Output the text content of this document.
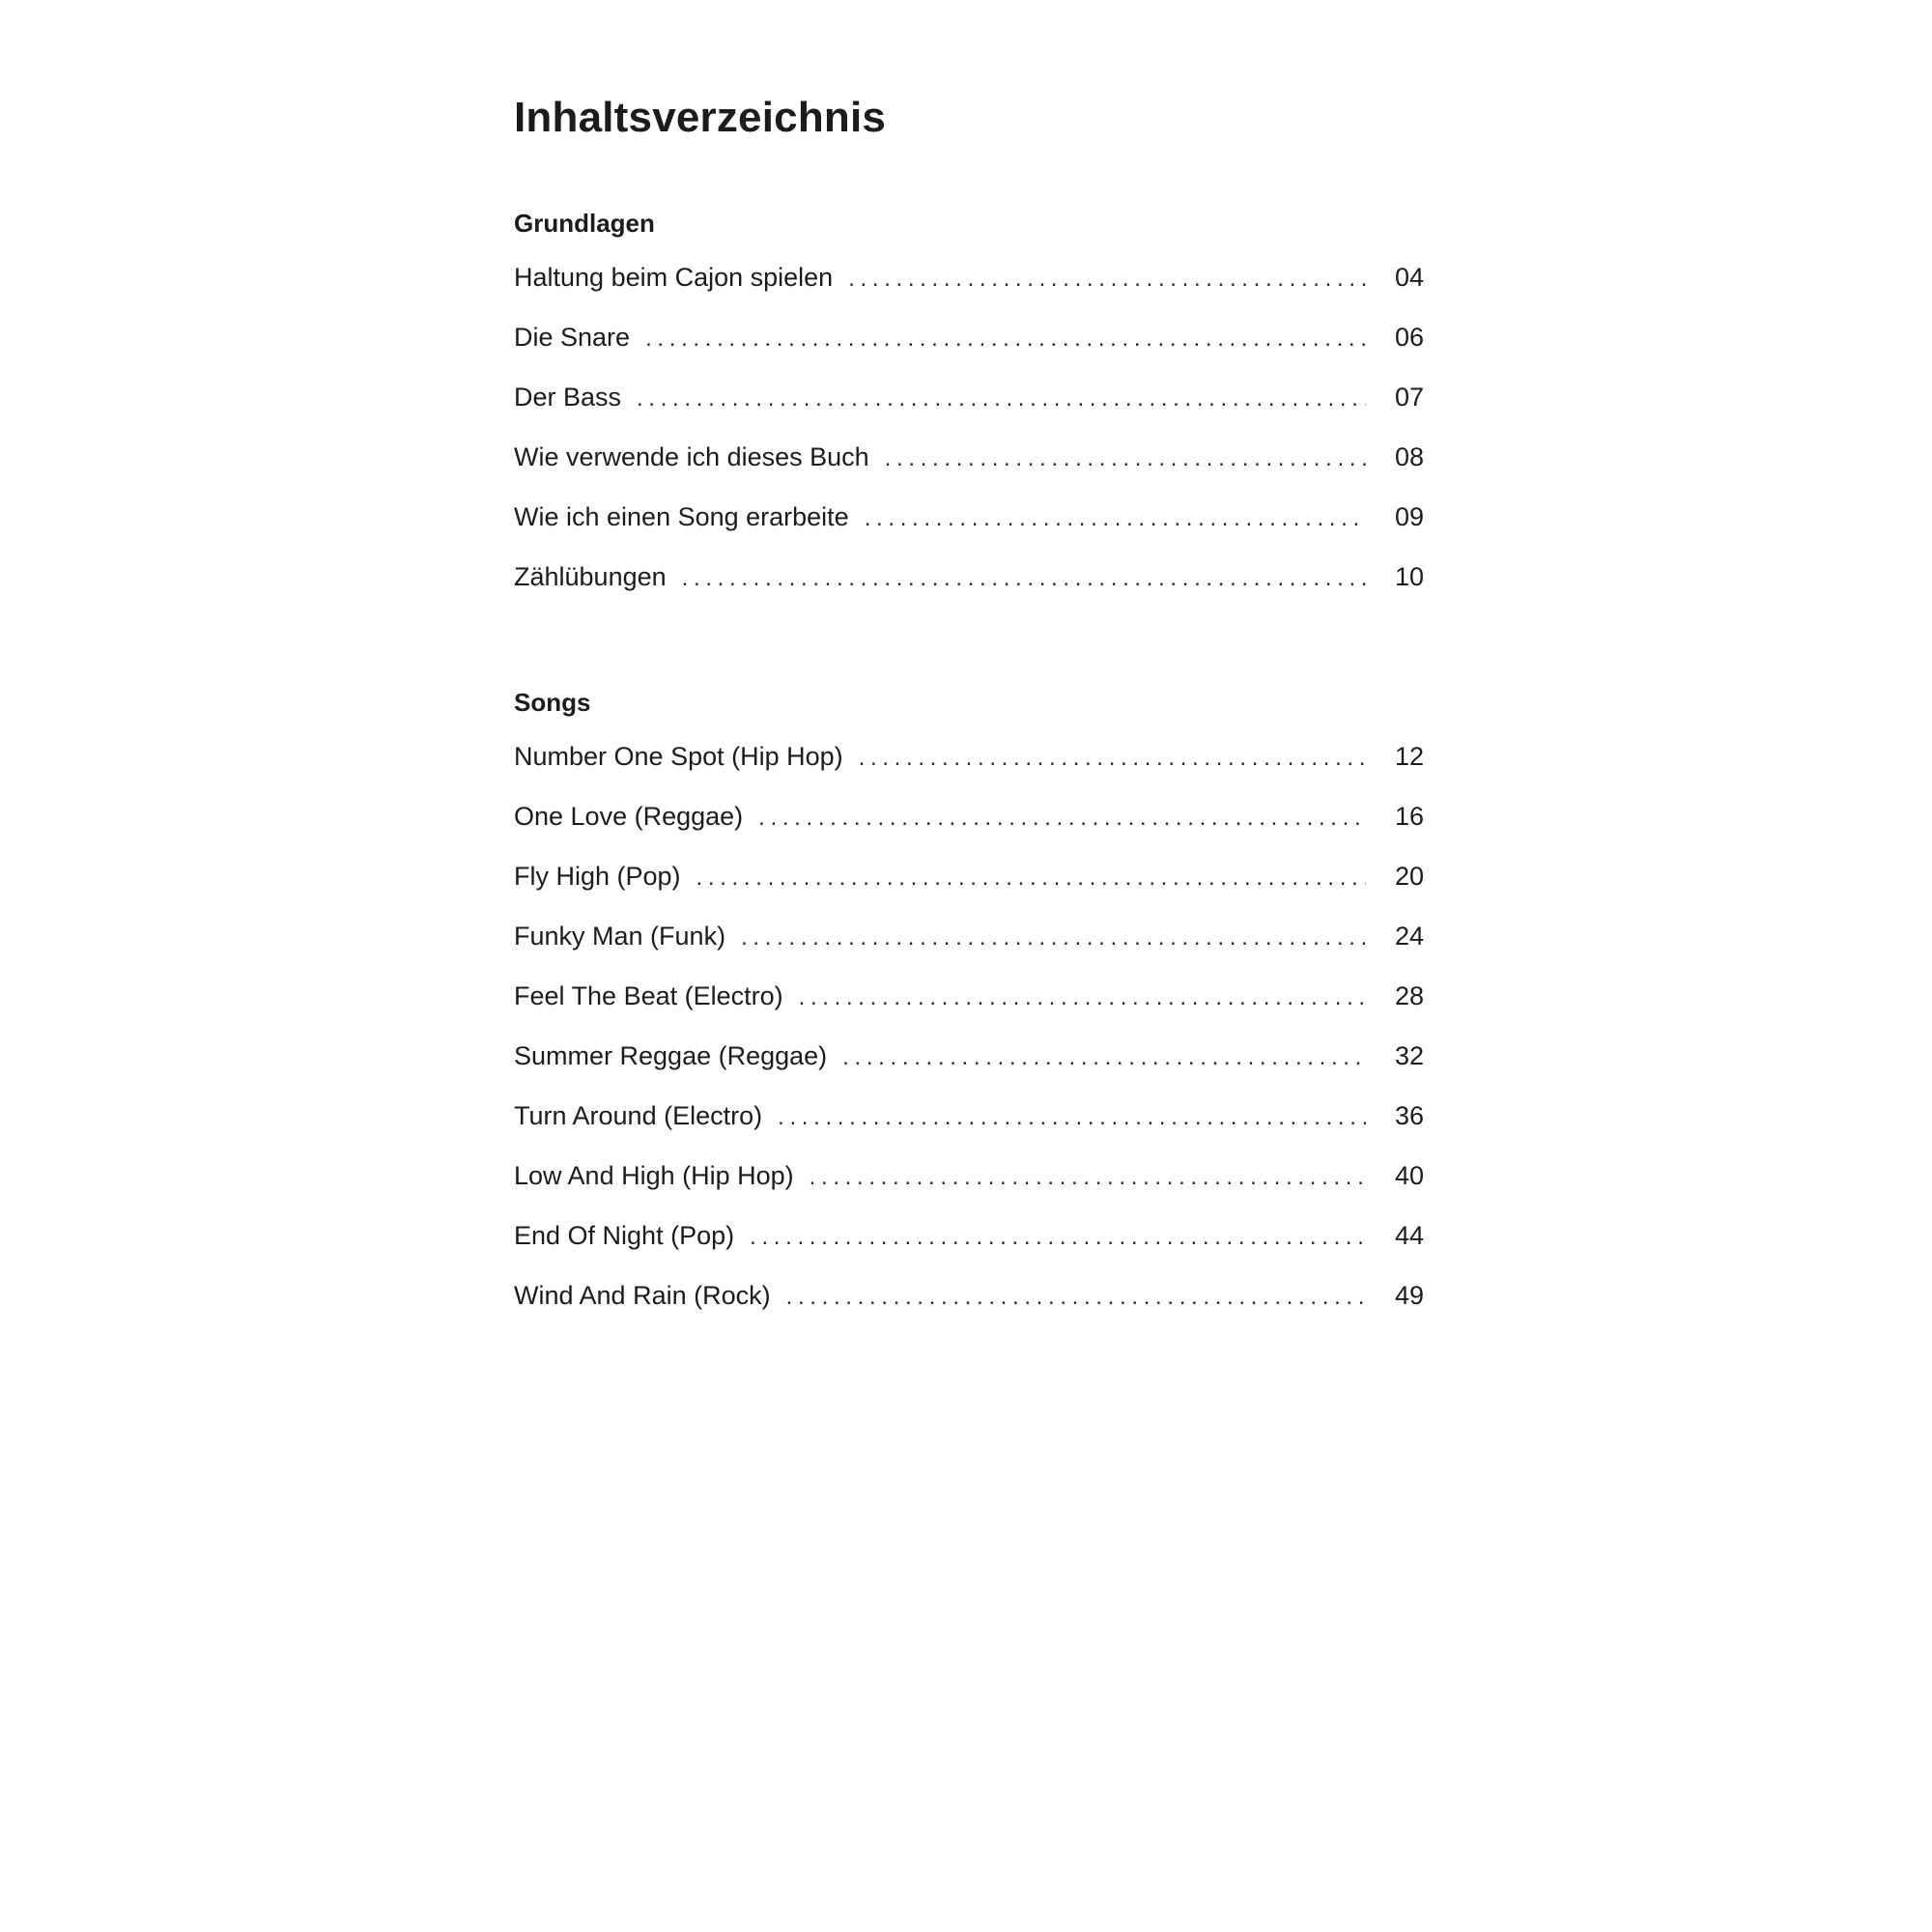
Inhaltsverzeichnis
Grundlagen
Haltung beim Cajon spielen . . .	04
Die Snare . . .	06
Der Bass . . .	07
Wie verwende ich dieses Buch . . .	08
Wie ich einen Song erarbeite . . .	09
Zählübungen . . .	10
Songs
Number One Spot (Hip Hop) . . .	12
One Love (Reggae) . . .	16
Fly High (Pop) . . .	20
Funky Man (Funk) . . .	24
Feel The Beat (Electro) . . .	28
Summer Reggae (Reggae) . . .	32
Turn Around (Electro) . . .	36
Low And High (Hip Hop) . . .	40
End Of Night (Pop) . . .	44
Wind And Rain (Rock) . . .	49
